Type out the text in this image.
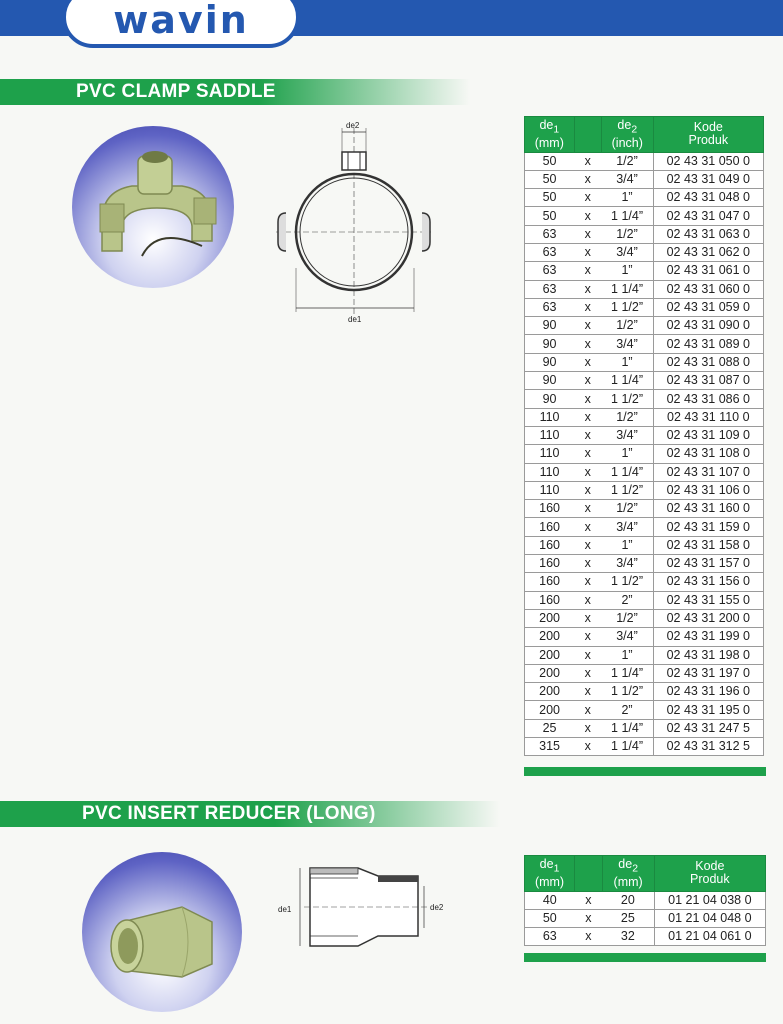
wavin
PVC CLAMP SADDLE
de2
de1
$de_1$
(mm)		$de_2$
(inch)	Kode
Produk
50	x	1/2”	02 43 31 050 0
50	x	3/4”	02 43 31 049 0
50	x	1”	02 43 31 048 0
50	x	1 1/4”	02 43 31 047 0
63	x	1/2”	02 43 31 063 0
63	x	3/4”	02 43 31 062 0
63	x	1”	02 43 31 061 0
63	x	1 1/4”	02 43 31 060 0
63	x	1 1/2”	02 43 31 059 0
90	x	1/2”	02 43 31 090 0
90	x	3/4”	02 43 31 089 0
90	x	1”	02 43 31 088 0
90	x	1 1/4”	02 43 31 087 0
90	x	1 1/2”	02 43 31 086 0
110	x	1/2”	02 43 31 110 0
110	x	3/4”	02 43 31 109 0
110	x	1”	02 43 31 108 0
110	x	1 1/4”	02 43 31 107 0
110	x	1 1/2”	02 43 31 106 0
160	x	1/2”	02 43 31 160 0
160	x	3/4”	02 43 31 159 0
160	x	1”	02 43 31 158 0
160	x	3/4”	02 43 31 157 0
160	x	1 1/2”	02 43 31 156 0
160	x	2”	02 43 31 155 0
200	x	1/2”	02 43 31 200 0
200	x	3/4”	02 43 31 199 0
200	x	1”	02 43 31 198 0
200	x	1 1/4”	02 43 31 197 0
200	x	1 1/2”	02 43 31 196 0
200	x	2”	02 43 31 195 0
25	x	1 1/4”	02 43 31 247 5
315	x	1 1/4”	02 43 31 312 5
PVC INSERT REDUCER (LONG)
de1	de2
$de_1$
(mm)		$de_2$
(mm)	Kode
Produk
40	x	20	01 21 04 038 0
50	x	25	01 21 04 048 0
63	x	32	01 21 04 061 0
